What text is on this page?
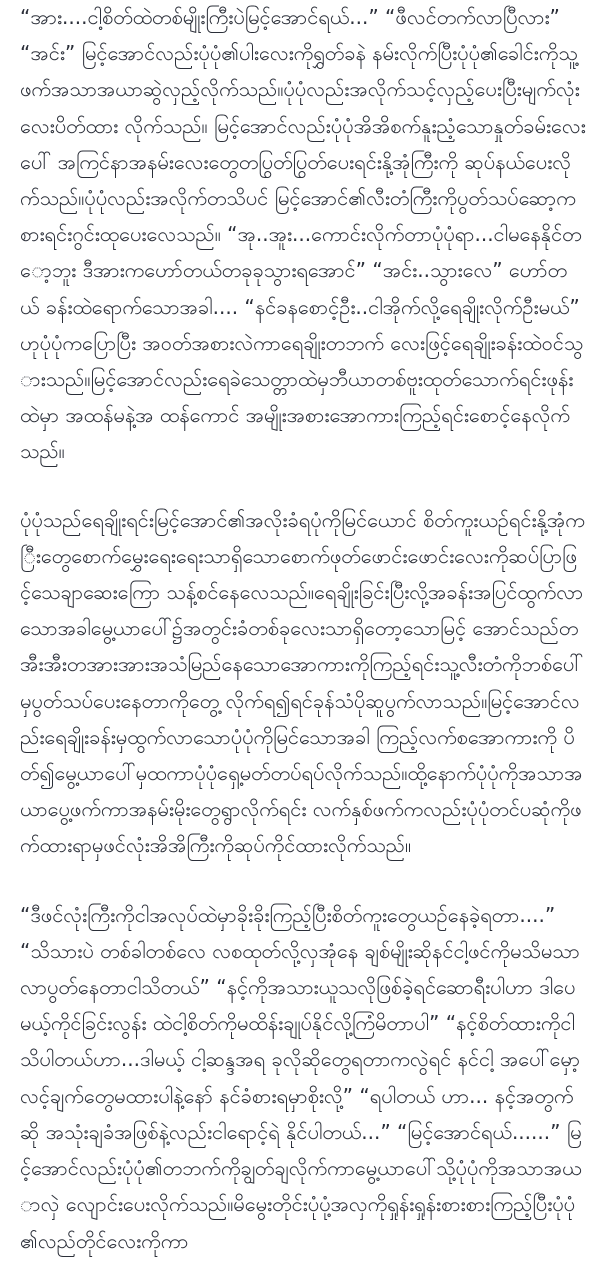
“အား....ငါ့စိတ်ထဲတစ်မျိုးကြီးပဲမြင့်အောင်ရယ်...” “ဖီလင်တက်လာပြီလား” “အင်း” မြင့်အောင်လည်းပုံပုံ၏ပါးလေးကိုရွှတ်ခနဲ နမ်းလိုက်ပြီးပုံပုံ၏ခေါင်းကိုသူ့ဖက်အသာအယာဆွဲလှည့်လိုက်သည်။ပုံပုံလည်းအလိုက်သင့်လှည့်ပေးပြီးမျက်လုံးလေးပိတ်ထား လိုက်သည်။ မြင့်အောင်လည်းပုံပုံအိအိစက်နူးညံ့သောနှုတ်ခမ်းလေးပေါ် အကြင်နာအနမ်းလေးတွေတပြွတ်ပြွတ်ပေးရင်းနို့အုံကြီးကို ဆုပ်နယ်ပေးလိုက်သည်။ပုံပုံလည်းအလိုက်တသိပင် မြင့်အောင်၏လီးတံကြီးကိုပွတ်သပ်ဆော့ကစားရင်းဂွင်းထုပေးလေသည်။ “အု..အူး...ကောင်းလိုက်တာပုံပုံရာ...ငါမနေနိုင်တော့ဘူး ဒီအားကဟော်တယ်တခုခုသွားရအောင်” “အင်း..သွားလေ” ဟော်တယ် ခန်းထဲရောက်သောအခါ.... “နင်ခနစောင့်ဦး..ငါအိုက်လို့ရေချိုးလိုက်ဦးမယ်” ဟုပုံပုံကပြောပြီး အဝတ်အစားလဲကာရေချိုးတဘက် လေးဖြင့်ရေချိုးခန်းထဲဝင်သွားသည်။မြင့်အောင်လည်းရေခဲသေတ္တာထဲမှဘီယာတစ်ဗူးထုတ်သောက်ရင်းဖုန်းထဲမှာ အထန်မနဲ့အ ထန်ကောင် အမျိုးအစားအောကားကြည့်ရင်းစောင့်နေလိုက်သည်။

ပုံပုံသည်ရေချိုးရင်းမြင့်အောင်၏အလိုးခံရပုံကိုမြင်ယောင် စိတ်ကူးယဉ်ရင်းနို့အုံကြီးတွေစောက်မွှေးရေးရေးသာရှိသောစောက်ဖုတ်ဖောင်းဖောင်းလေးကိုဆပ်ပြာဖြင့်သေချာဆေးကြော သန့်စင်နေလေသည်။ရေချိုးခြင်းပြီးလို့အခန်းအပြင်ထွက်လာသောအခါမွေ့ယာပေါ်၌အတွင်းခံတစ်ခုလေးသာရှိတော့သောမြင့် အောင်သည်တအီးအီးတအားအားအသံမြည်နေသောအောကားကိုကြည့်ရင်းသူ့လီးတံကိုဘစ်ပေါ်မှပွတ်သပ်ပေးနေတာကိုတွေ့ လိုက်ရ၍ရင်ခုန်သံပိုဆူပွက်လာသည်။မြင့်အောင်လည်းရေချိုးခန်းမှထွက်လာသောပုံပုံကိုမြင်သောအခါ ကြည့်လက်စအောကားကို ပိတ်၍မွေ့ယာပေါ်မှထကာပုံပုံရှေ့မတ်တပ်ရပ်လိုက်သည်။ထို့နောက်ပုံပုံကိုအသာအယာပွေ့ဖက်ကာအနမ်းမိုးတွေရွာလိုက်ရင်း လက်နှစ်ဖက်ကလည်းပုံပုံတင်ပဆုံကိုဖက်ထားရာမှဖင်လုံးအိအိကြီးကိုဆုပ်ကိုင်ထားလိုက်သည်။

“ဒီဖင်လုံးကြီးကိုငါအလုပ်ထဲမှာခိုးခိုးကြည့်ပြီးစိတ်ကူးတွေယဉ်နေခဲ့ရတာ....” “သိသားပဲ တစ်ခါတစ်လေ လစထုတ်လို့လှအုံနေ ချစ်မျိုးဆိုနင်ငါ့ဖင်ကိုမသိမသာလာပွတ်နေတာငါသိတယ်” “နင့်ကိုအသားယူသလိုဖြစ်ခဲ့ရင်ဆောရီးပါဟာ ဒါပေမယ့်ကိုင်ခြင်းလွန်း ထဲငါ့စိတ်ကိုမထိန်းချုပ်နိုင်လို့ကြံမိတာပါ” “နင့်စိတ်ထားကိုငါသိပါတယ်ဟာ...ဒါမယ့် ငါ့ဆန္ဒအရ ခုလိုဆိုတွေရတာကလွဲရင် နင်ငါ့ အပေါ်မှော့လင့်ချက်တွေမထားပါနဲ့နော် နင်ခံစားရမှာစိုးလို့” “ရပါတယ် ဟာ... နင့်အတွက်ဆို အသုံးချခံအဖြစ်နဲ့လည်းငါရောင့်ရဲ နိုင်ပါတယ်...” “မြင့်အောင်ရယ်......” မြင့်အောင်လည်းပုံပုံ၏တဘက်ကိုချွတ်ချလိုက်ကာမွေ့ယာပေါ်သို့ပုံပုံကိုအသာအယာလှဲ လျောင်းပေးလိုက်သည်။မိမွေးတိုင်းပုံပုံ့အလှကိုရှုန်းရှုန်းစားစားကြည့်ပြီးပုံပုံ၏လည်တိုင်လေးကိုကာ
